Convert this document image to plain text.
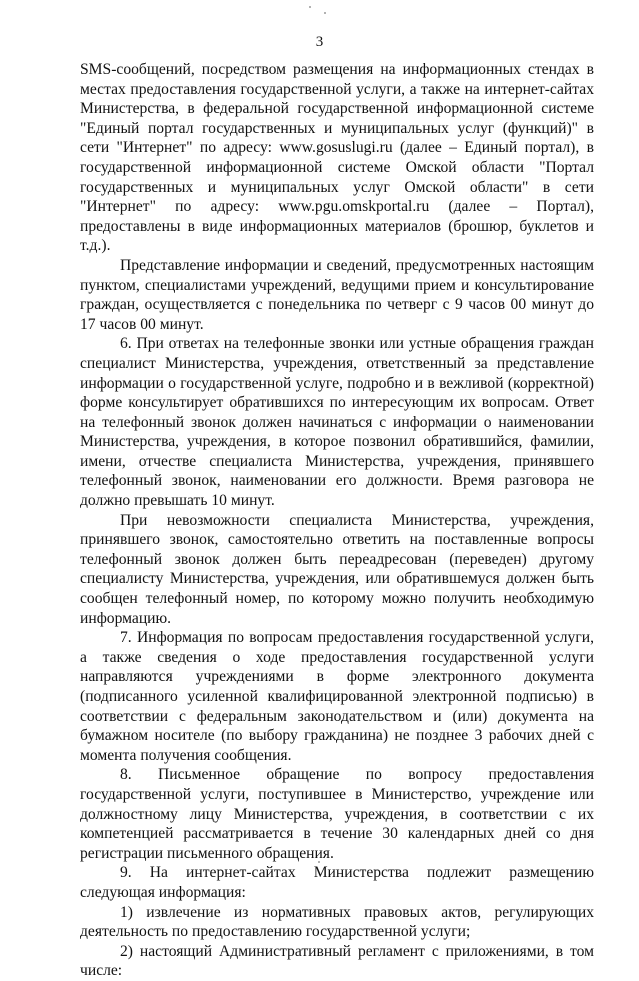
3

SMS-сообщений, посредством размещения на информационных стендах в местах предоставления государственной услуги, а также на интернет-сайтах Министерства, в федеральной государственной информационной системе "Единый портал государственных и муниципальных услуг (функций)" в сети "Интернет" по адресу: www.gosuslugi.ru (далее – Единый портал), в государственной информационной системе Омской области "Портал государственных и муниципальных услуг Омской области" в сети "Интернет" по адресу: www.pgu.omskportal.ru (далее – Портал), предоставлены в виде информационных материалов (брошюр, буклетов и т.д.).

Представление информации и сведений, предусмотренных настоящим пунктом, специалистами учреждений, ведущими прием и консультирование граждан, осуществляется с понедельника по четверг с 9 часов 00 минут до 17 часов 00 минут.

6. При ответах на телефонные звонки или устные обращения граждан специалист Министерства, учреждения, ответственный за представление информации о государственной услуге, подробно и в вежливой (корректной) форме консультирует обратившихся по интересующим их вопросам. Ответ на телефонный звонок должен начинаться с информации о наименовании Министерства, учреждения, в которое позвонил обратившийся, фамилии, имени, отчестве специалиста Министерства, учреждения, принявшего телефонный звонок, наименовании его должности. Время разговора не должно превышать 10 минут.

При невозможности специалиста Министерства, учреждения, принявшего звонок, самостоятельно ответить на поставленные вопросы телефонный звонок должен быть переадресован (переведен) другому специалисту Министерства, учреждения, или обратившемуся должен быть сообщен телефонный номер, по которому можно получить необходимую информацию.

7. Информация по вопросам предоставления государственной услуги, а также сведения о ходе предоставления государственной услуги направляются учреждениями в форме электронного документа (подписанного усиленной квалифицированной электронной подписью) в соответствии с федеральным законодательством и (или) документа на бумажном носителе (по выбору гражданина) не позднее 3 рабочих дней с момента получения сообщения.

8. Письменное обращение по вопросу предоставления государственной услуги, поступившее в Министерство, учреждение или должностному лицу Министерства, учреждения, в соответствии с их компетенцией рассматривается в течение 30 календарных дней со дня регистрации письменного обращения.

9. На интернет-сайтах Министерства подлежит размещению следующая информация:

1) извлечение из нормативных правовых актов, регулирующих деятельность по предоставлению государственной услуги;

2) настоящий Административный регламент с приложениями, в том числе:
